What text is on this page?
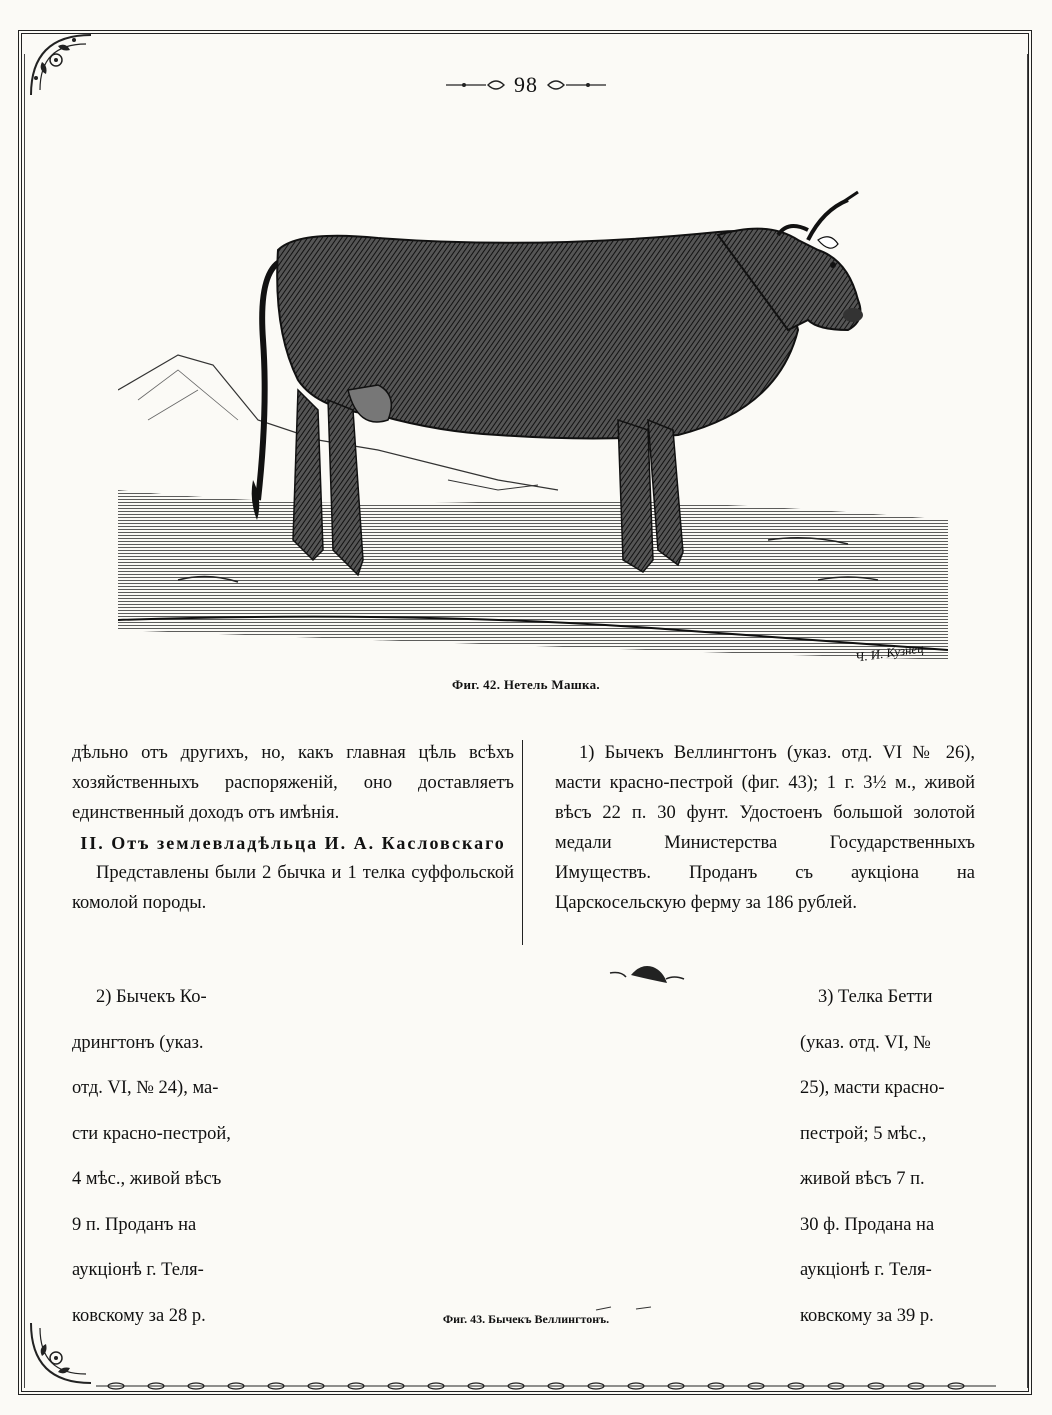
98
Ч. И. Кузнец
Фиг. 42. Нетель Машка.

дѣльно отъ другихъ, но, какъ главная цѣль всѣхъ хозяйственныхъ распоряженій, оно доставляетъ единственный доходъ отъ имѣнія.

II. Отъ землевладѣльца И. А. Касловскаго

Представлены были 2 бычка и 1 телка суффольской комолой породы.

1) Бычекъ Веллингтонъ (указ. отд. VI № 26), масти красно-пестрой (фиг. 43); 1 г. 3½ м., живой вѣсъ 22 п. 30 фунт. Удостоенъ большой золотой медали Министерства Государственныхъ Имуществъ. Проданъ съ аукціона на Царскосельскую ферму за 186 рублей.

2) Бычекъ Ко-

дрингтонъ (указ.

отд. VI, № 24), ма-

сти красно-пестрой,

4 мѣс., живой вѣсъ

9 п. Проданъ на

аукціонѣ г. Теля-

ковскому за 28 р.

3) Телка Бетти

(указ. отд. VI, №

25), масти красно-

пестрой; 5 мѣс.,

живой вѣсъ 7 п.

30 ф. Продана на

аукціонѣ г. Теля-

ковскому за 39 р.

Фиг. 43. Бычекъ Веллингтонъ.
